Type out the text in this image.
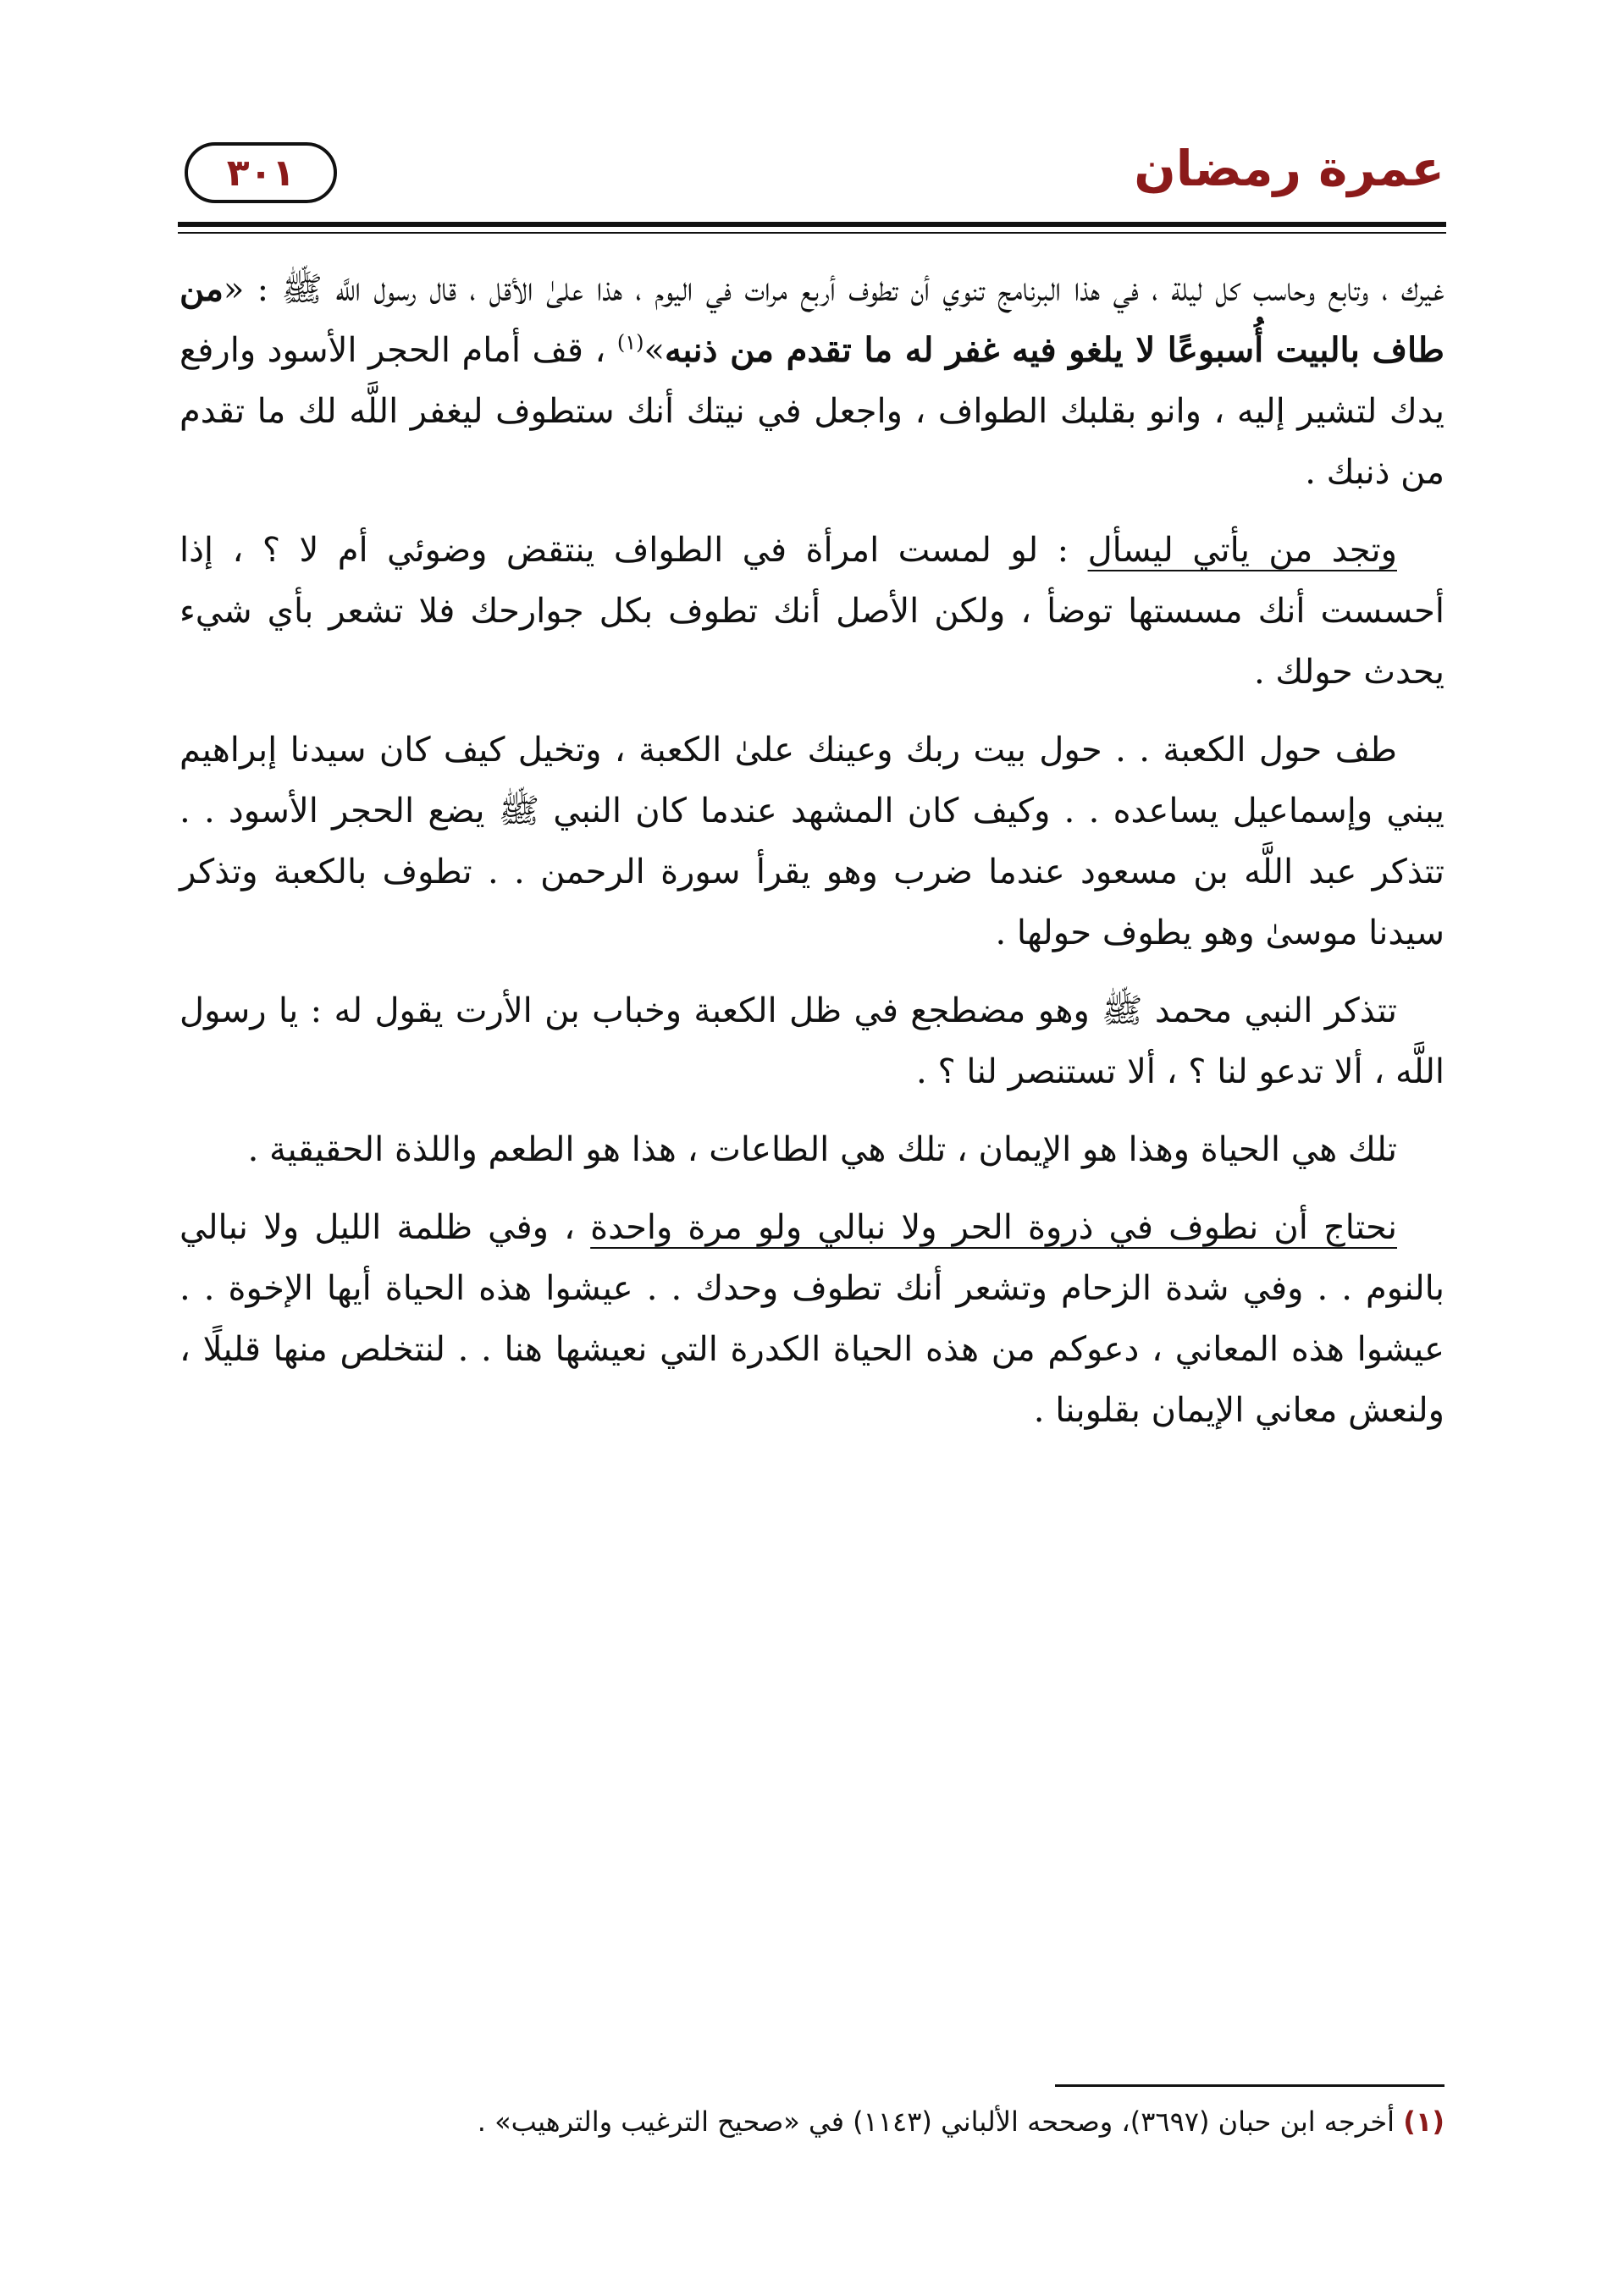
عمرة رمضان
٣٠١

غيرك ، وتابع وحاسب كل ليلة ، في هذا البرنامج تنوي أن تطوف أربع مرات في اليوم ، هذا علىٰ الأقل ، قال رسول اللَّه ﷺ : «من طاف بالبيت أُسبوعًا لا يلغو فيه غفر له ما تقدم من ذنبه»$^{(١)}$ ، قف أمام الحجر الأسود وارفع يدك لتشير إليه ، وانو بقلبك الطواف ، واجعل في نيتك أنك ستطوف ليغفر اللَّه لك ما تقدم من ذنبك .

وتجد من يأتي ليسأل : لو لمست امرأة في الطواف ينتقض وضوئي أم لا ؟ ، إذا أحسست أنك مسستها توضأ ، ولكن الأصل أنك تطوف بكل جوارحك فلا تشعر بأي شيء يحدث حولك .

طف حول الكعبة . . حول بيت ربك وعينك علىٰ الكعبة ، وتخيل كيف كان سيدنا إبراهيم يبني وإسماعيل يساعده . . وكيف كان المشهد عندما كان النبي ﷺ يضع الحجر الأسود . . تتذكر عبد اللَّه بن مسعود عندما ضرب وهو يقرأ سورة الرحمن . . تطوف بالكعبة وتذكر سيدنا موسىٰ وهو يطوف حولها .

تتذكر النبي محمد ﷺ وهو مضطجع في ظل الكعبة وخباب بن الأرت يقول له : يا رسول اللَّه ، ألا تدعو لنا ؟ ، ألا تستنصر لنا ؟ .

تلك هي الحياة وهذا هو الإيمان ، تلك هي الطاعات ، هذا هو الطعم واللذة الحقيقية .

نحتاج أن نطوف في ذروة الحر ولا نبالي ولو مرة واحدة ، وفي ظلمة الليل ولا نبالي بالنوم . . وفي شدة الزحام وتشعر أنك تطوف وحدك . . عيشوا هذه الحياة أيها الإخوة . . عيشوا هذه المعاني ، دعوكم من هذه الحياة الكدرة التي نعيشها هنا . . لنتخلص منها قليلًا ، ولنعش معاني الإيمان بقلوبنا .

(١) أخرجه ابن حبان (٣٦٩٧)، وصححه الألباني (١١٤٣) في «صحيح الترغيب والترهيب» .
